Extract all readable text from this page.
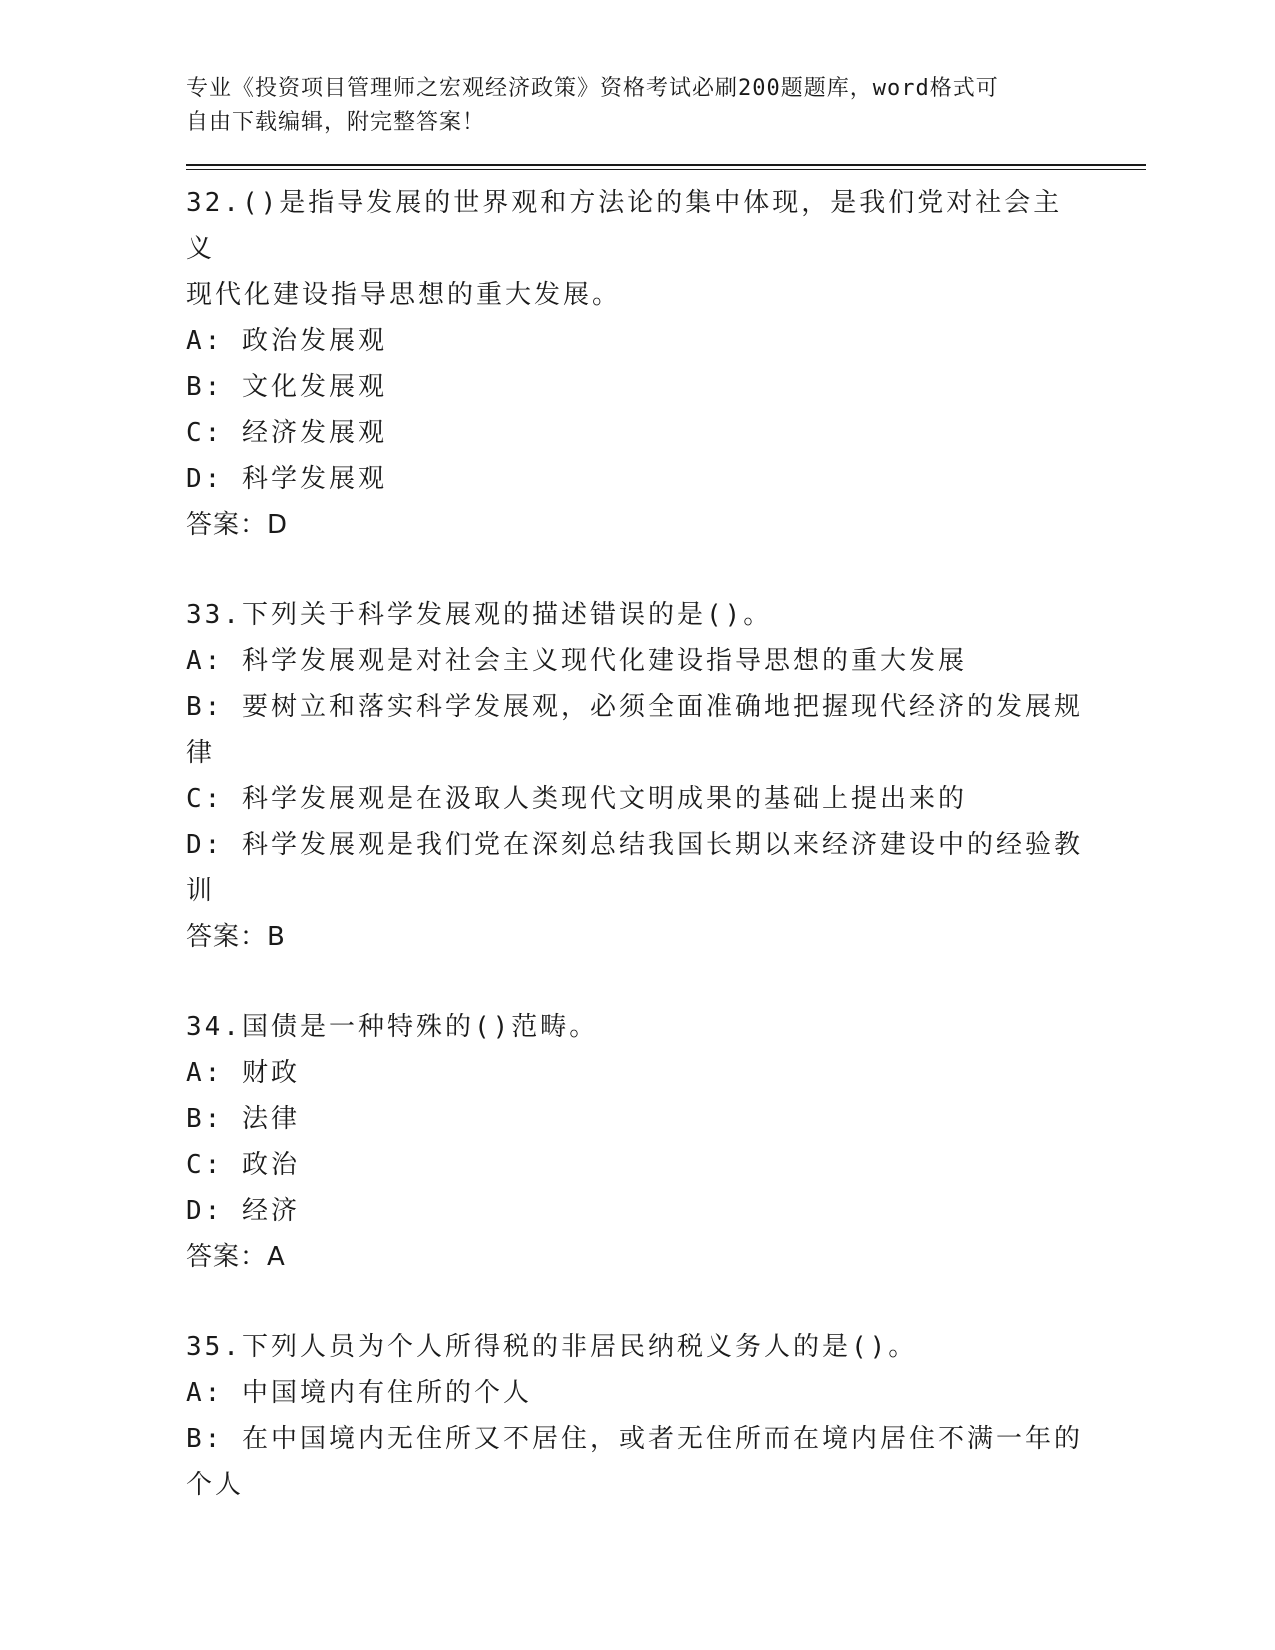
专业《投资项目管理师之宏观经济政策》资格考试必刷200题题库，word格式可
自由下载编辑，附完整答案！
32.()是指导发展的世界观和方法论的集中体现，是我们党对社会主义
现代化建设指导思想的重大发展。
A: 政治发展观
B: 文化发展观
C: 经济发展观
D: 科学发展观
答案：D
33.下列关于科学发展观的描述错误的是()。
A: 科学发展观是对社会主义现代化建设指导思想的重大发展
B: 要树立和落实科学发展观，必须全面准确地把握现代经济的发展规
律
C: 科学发展观是在汲取人类现代文明成果的基础上提出来的
D: 科学发展观是我们党在深刻总结我国长期以来经济建设中的经验教
训
答案：B
34.国债是一种特殊的()范畴。
A: 财政
B: 法律
C: 政治
D: 经济
答案：A
35.下列人员为个人所得税的非居民纳税义务人的是()。
A: 中国境内有住所的个人
B: 在中国境内无住所又不居住，或者无住所而在境内居住不满一年的
个人
